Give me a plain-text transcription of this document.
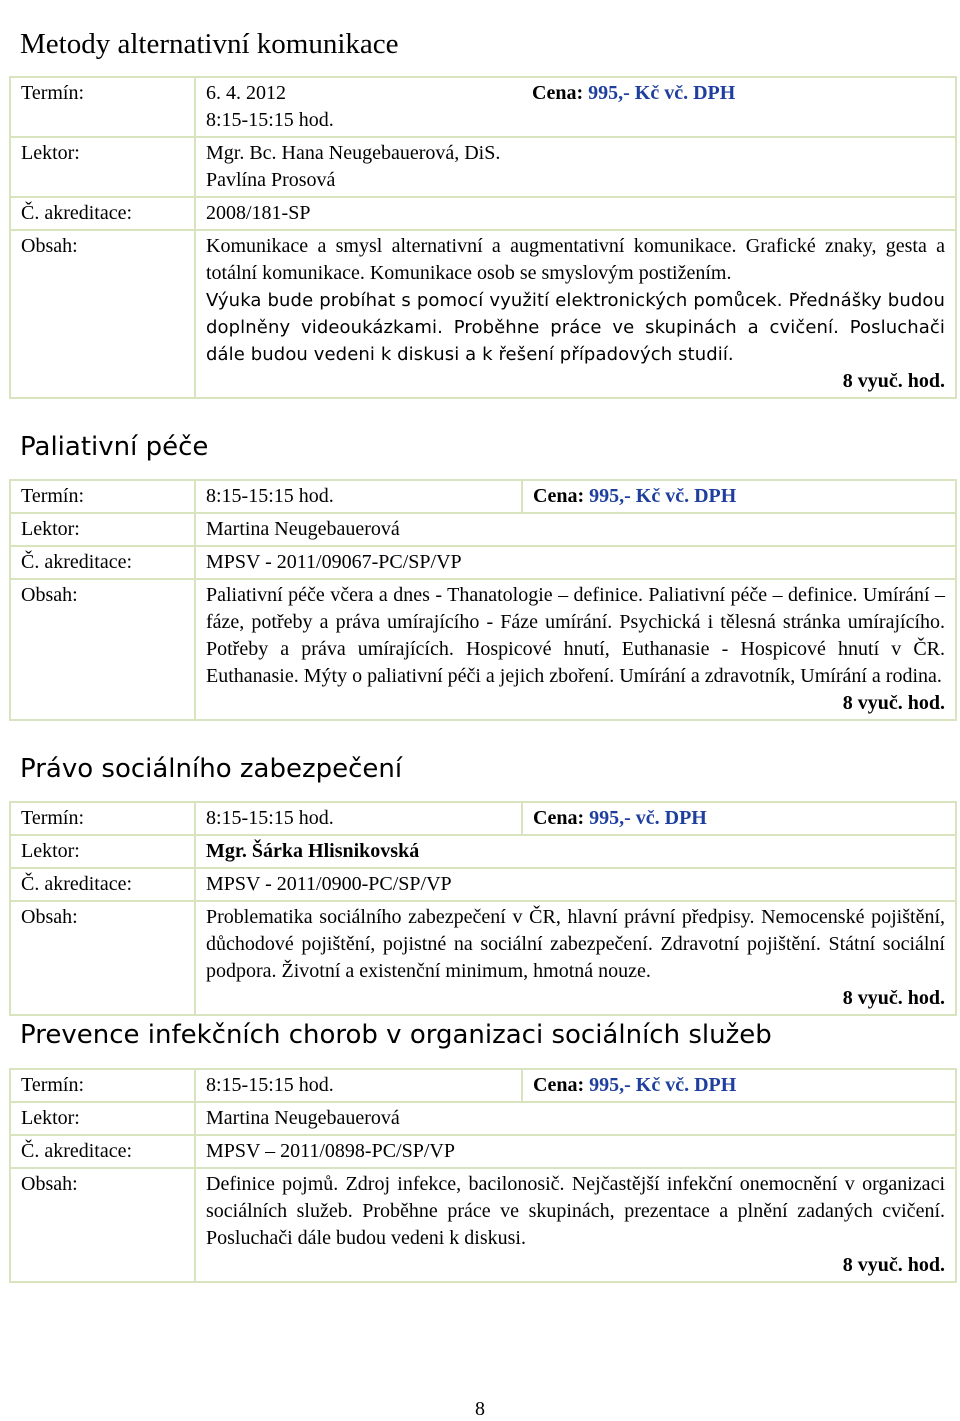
Metody alternativní komunikace
Termín:	6. 4. 2012
8:15-15:15 hod.	Cena: 995,- Kč vč. DPH
Lektor:	Mgr. Bc. Hana Neugebauerová, DiS.
Pavlína Prosová	

Č. akreditace:	2008/181-SP	
Obsah:	Komunikace a smysl alternativní a augmentativní komunikace. Grafické znaky, gesta a totální komunikace. Komunikace osob se smyslovým postižením.
Výuka bude probíhat s pomocí využití elektronických pomůcek. Přednášky budou doplněny videoukázkami. Proběhne práce ve skupinách a cvičení. Posluchači dále budou vedeni k diskusi a k řešení případových studií.
8 vyuč. hod.	
Paliativní péče
Termín:	8:15-15:15 hod.	Cena: 995,- Kč vč. DPH
Lektor:	Martina Neugebauerová	
Č. akreditace:	MPSV - 2011/09067-PC/SP/VP	
Obsah:	Paliativní péče včera a dnes - Thanatologie – definice. Paliativní péče – definice. Umírání – fáze, potřeby a práva umírajícího - Fáze umírání. Psychická i tělesná stránka umírajícího. Potřeby a práva umírajících. Hospicové hnutí, Euthanasie - Hospicové hnutí v ČR. Euthanasie. Mýty o paliativní péči a jejich zboření. Umírání a zdravotník, Umírání a rodina.
8 vyuč. hod.	
Právo sociálního zabezpečení
Termín:	8:15-15:15 hod.	Cena: 995,- vč. DPH
Lektor:	Mgr. Šárka Hlisnikovská	
Č. akreditace:	MPSV - 2011/0900-PC/SP/VP	
Obsah:	Problematika sociálního zabezpečení v ČR, hlavní právní předpisy. Nemocenské pojištění, důchodové pojištění, pojistné na sociální zabezpečení. Zdravotní pojištění. Státní sociální podpora. Životní a existenční minimum, hmotná nouze.
8 vyuč. hod.	
Prevence infekčních chorob v organizaci sociálních služeb
Termín:	8:15-15:15 hod.	Cena: 995,- Kč vč. DPH
Lektor:	Martina Neugebauerová	
Č. akreditace:	MPSV – 2011/0898-PC/SP/VP	
Obsah:	Definice pojmů. Zdroj infekce, bacilonosič. Nejčastější infekční onemocnění v organizaci sociálních služeb. Proběhne práce ve skupinách, prezentace a plnění zadaných cvičení. Posluchači dále budou vedeni k diskusi.
8 vyuč. hod.	
8
